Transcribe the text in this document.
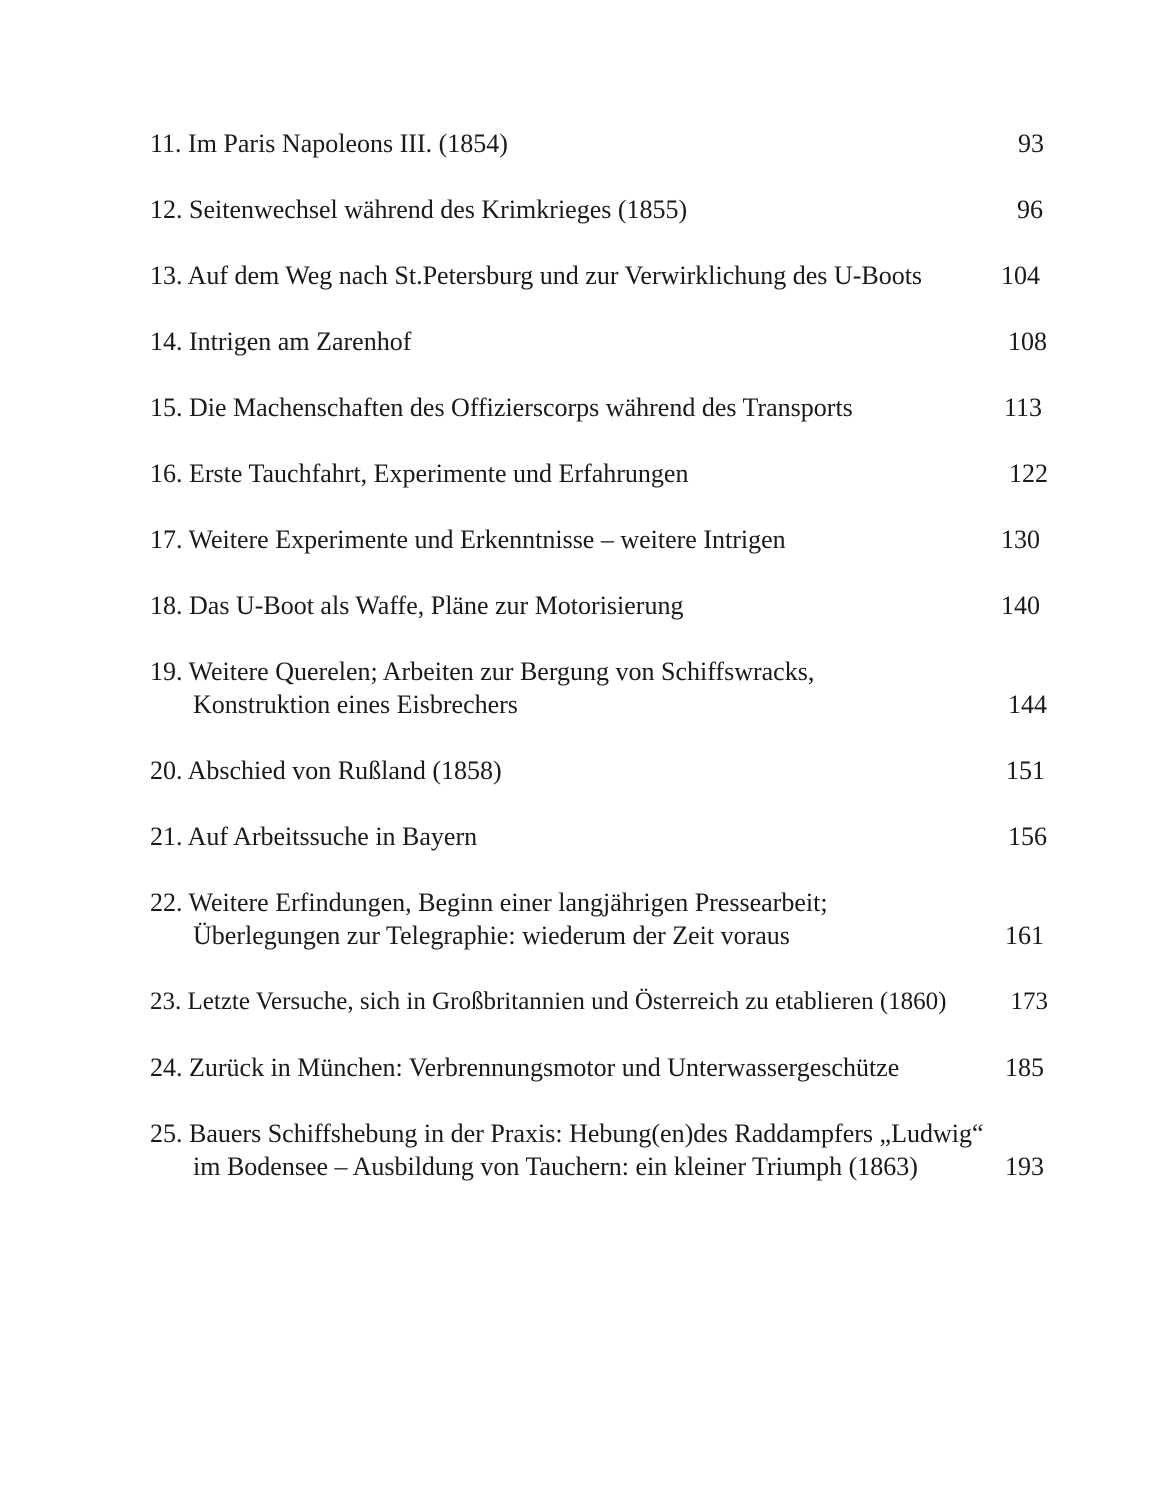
11. Im Paris Napoleons III. (1854)	93
12. Seitenwechsel während des Krimkrieges (1855)	96
13. Auf dem Weg nach St.Petersburg und zur Verwirklichung des U-Boots	104
14. Intrigen am Zarenhof	108
15. Die Machenschaften des Offizierscorps während des Transports	113
16. Erste Tauchfahrt, Experimente und Erfahrungen	122
17. Weitere Experimente und Erkenntnisse – weitere Intrigen	130
18. Das U-Boot als Waffe, Pläne zur Motorisierung	140
19. Weitere Querelen; Arbeiten zur Bergung von Schiffswracks,
Konstruktion eines Eisbrechers	144
20. Abschied von Rußland (1858)	151
21. Auf Arbeitssuche in Bayern	156
22. Weitere Erfindungen, Beginn einer langjährigen Pressearbeit;
Überlegungen zur Telegraphie: wiederum der Zeit voraus	161
23. Letzte Versuche, sich in Großbritannien und Österreich zu etablieren (1860)	173
24. Zurück in München: Verbrennungsmotor und Unterwassergeschütze	185
25. Bauers Schiffshebung in der Praxis: Hebung(en)des Raddampfers „Ludwig“
im Bodensee – Ausbildung von Tauchern: ein kleiner Triumph (1863)	193
